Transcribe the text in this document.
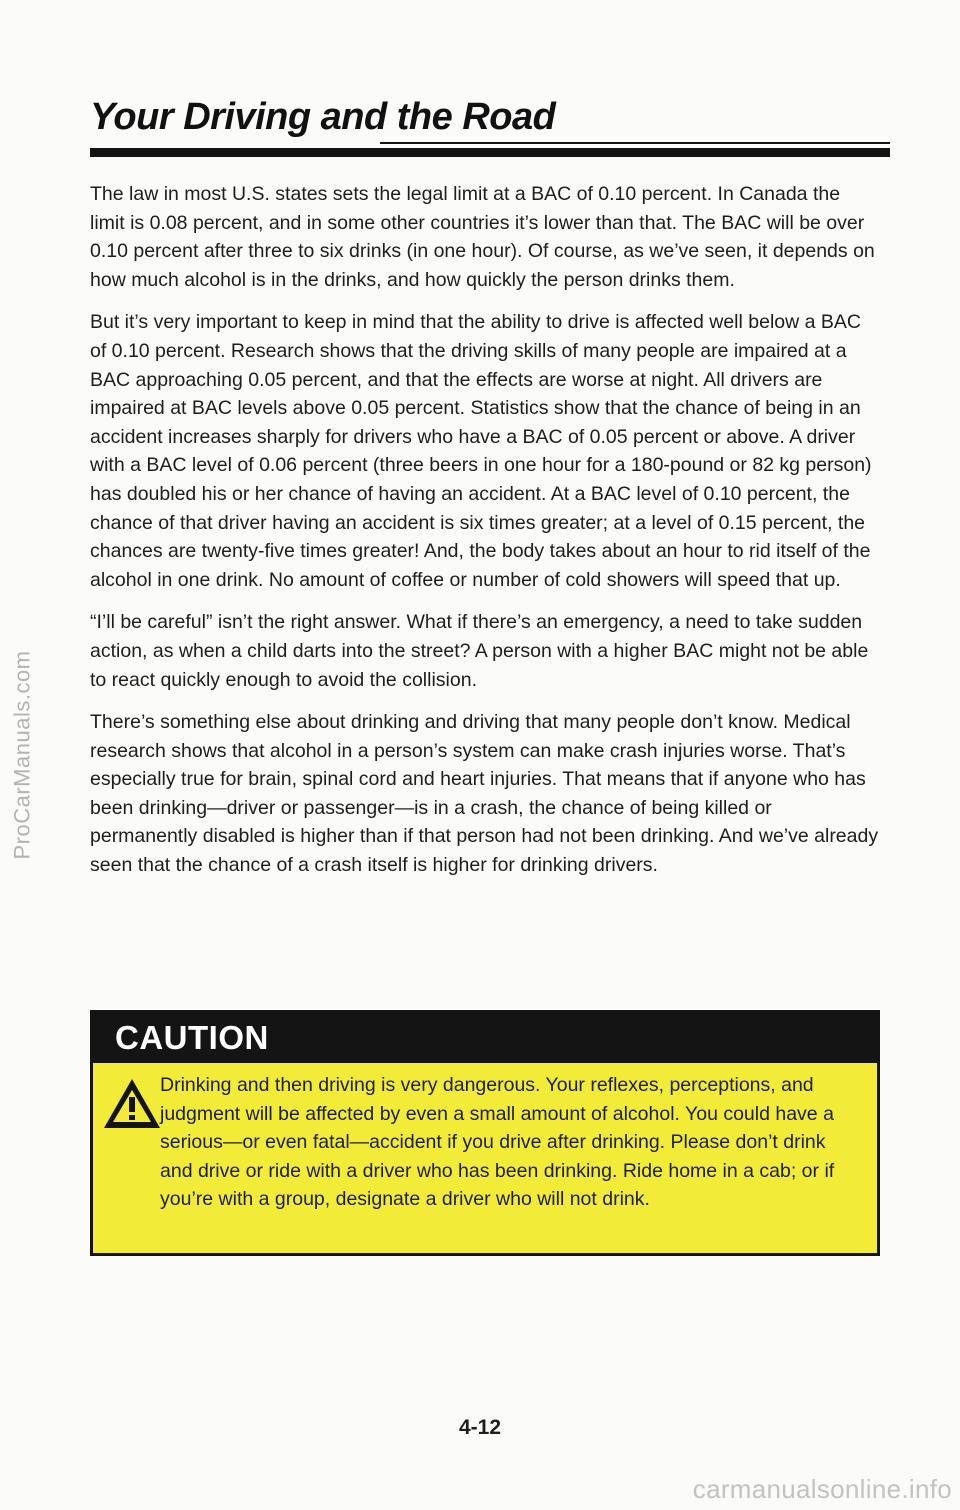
ProCarManuals.com
Your Driving and the Road

The law in most U.S. states sets the legal limit at a BAC of 0.10 percent. In Canada the limit is 0.08 percent, and in some other countries it’s lower than that. The BAC will be over 0.10 percent after three to six drinks (in one hour). Of course, as we’ve seen, it depends on how much alcohol is in the drinks, and how quickly the person drinks them.

But it’s very important to keep in mind that the ability to drive is affected well below a BAC of 0.10 percent. Research shows that the driving skills of many people are impaired at a BAC approaching 0.05 percent, and that the effects are worse at night. All drivers are impaired at BAC levels above 0.05 percent. Statistics show that the chance of being in an accident increases sharply for drivers who have a BAC of 0.05 percent or above. A driver with a BAC level of 0.06 percent (three beers in one hour for a 180-pound or 82 kg person) has doubled his or her chance of having an accident. At a BAC level of 0.10 percent, the chance of that driver having an accident is six times greater; at a level of 0.15 percent, the chances are twenty-five times greater! And, the body takes about an hour to rid itself of the alcohol in one drink. No amount of coffee or number of cold showers will speed that up.

“I’ll be careful” isn’t the right answer. What if there’s an emergency, a need to take sudden action, as when a child darts into the street? A person with a higher BAC might not be able to react quickly enough to avoid the collision.

There’s something else about drinking and driving that many people don’t know. Medical research shows that alcohol in a person’s system can make crash injuries worse. That’s especially true for brain, spinal cord and heart injuries. That means that if anyone who has been drinking—driver or passenger—is in a crash, the chance of being killed or permanently disabled is higher than if that person had not been drinking. And we’ve already seen that the chance of a crash itself is higher for drinking drivers.

CAUTION
Drinking and then driving is very dangerous. Your reflexes, perceptions, and judgment will be affected by even a small amount of alcohol. You could have a serious—or even fatal—accident if you drive after drinking. Please don’t drink and drive or ride with a driver who has been drinking. Ride home in a cab; or if you’re with a group, designate a driver who will not drink.
4-12
carmanualsonline.info
